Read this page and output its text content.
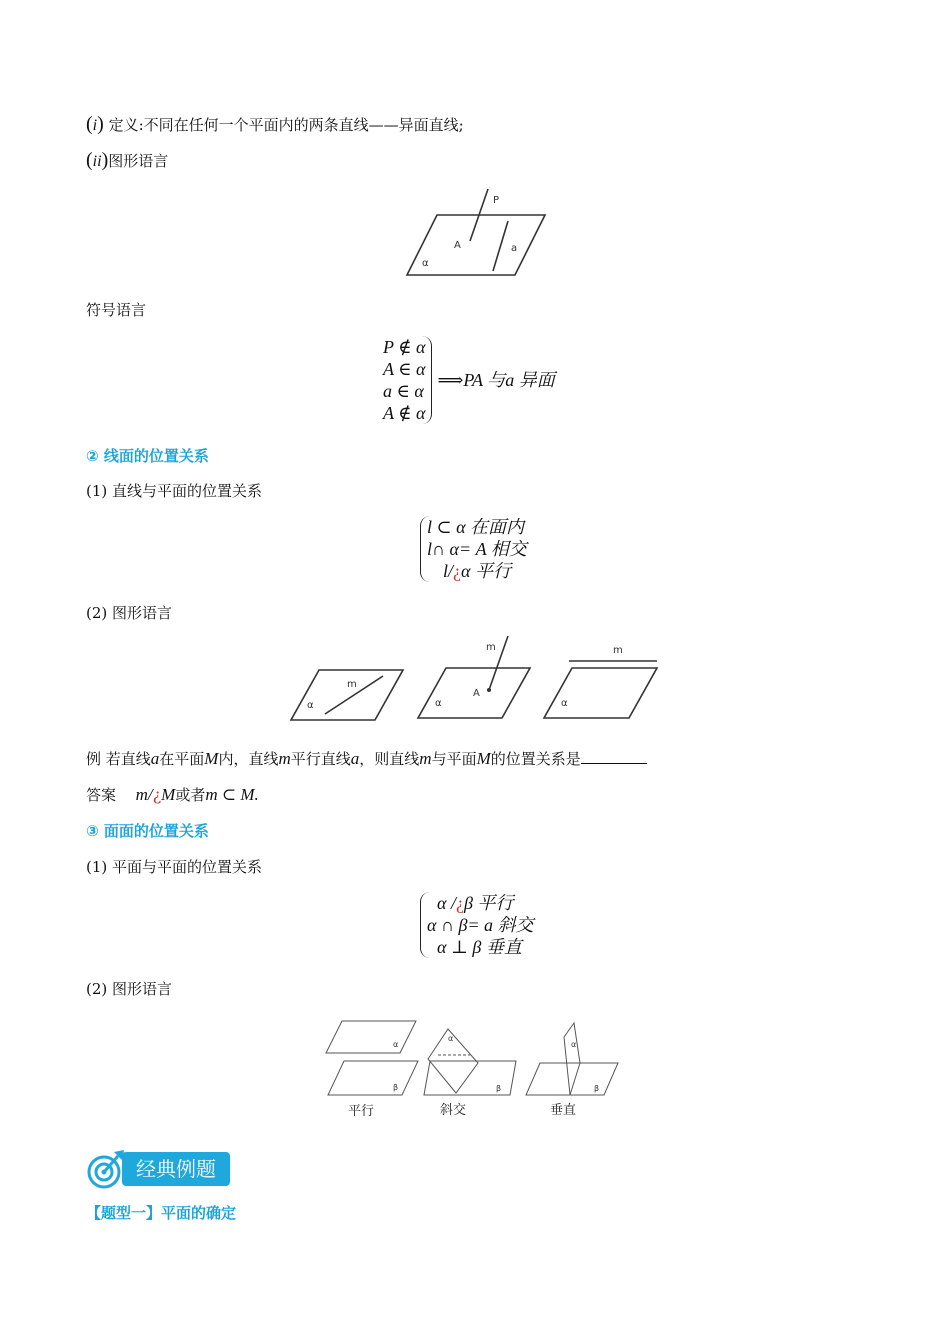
(i) 定义:不同在任何一个平面内的两条直线——异面直线;
(ii)图形语言
P
A	a
α
符号语言
P ∉ α
A ∈ α
a ∈ α
A ∉ α
⟹PA 与a 异面
② 线面的位置关系
(1) 直线与平面的位置关系
l ⊂ α 在面内
l∩ α= A 相交
l/¿α 平行
(2) 图形语言
m
α
m
A
α
m
α
例 若直线a在平面M内，直线m平行直线a，则直线m与平面M的位置关系是
答案 m/¿M或者m ⊂ M.
③ 面面的位置关系
(1) 平面与平面的位置关系
α /¿β 平行
α ∩ β= a 斜交
α ⊥ β 垂直
(2) 图形语言
α
β
平行
α
β
斜交
α
β
垂直
经典例题
【题型一】平面的确定
